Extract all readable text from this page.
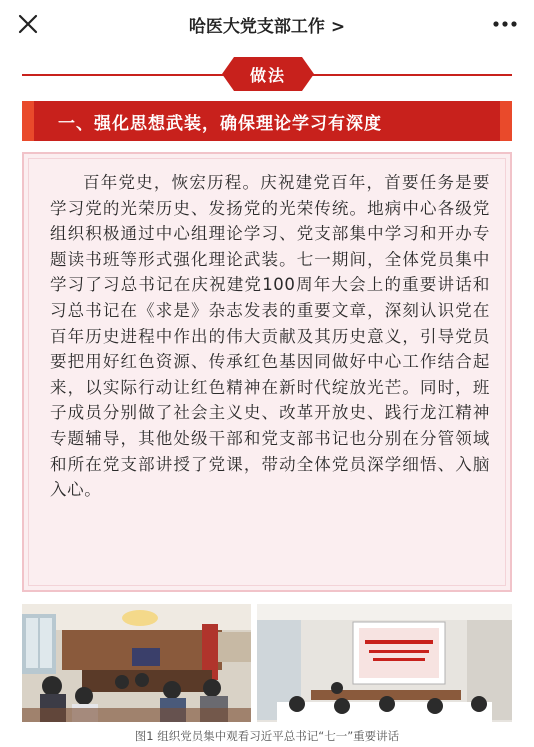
哈医大党支部工作 >
做法
一、强化思想武装，确保理论学习有深度

百年党史，恢宏历程。庆祝建党百年，首要任务是要学习党的光荣历史、发扬党的光荣传统。地病中心各级党组织积极通过中心组理论学习、党支部集中学习和开办专题读书班等形式强化理论武装。七一期间，全体党员集中学习了习总书记在庆祝建党100周年大会上的重要讲话和习总书记在《求是》杂志发表的重要文章，深刻认识党在百年历史进程中作出的伟大贡献及其历史意义，引导党员要把用好红色资源、传承红色基因同做好中心工作结合起来，以实际行动让红色精神在新时代绽放光芒。同时，班子成员分别做了社会主义史、改革开放史、践行龙江精神专题辅导，其他处级干部和党支部书记也分别在分管领域和所在党支部讲授了党课，带动全体党员深学细悟、入脑入心。

图1 组织党员集中观看习近平总书记“七一”重要讲话
